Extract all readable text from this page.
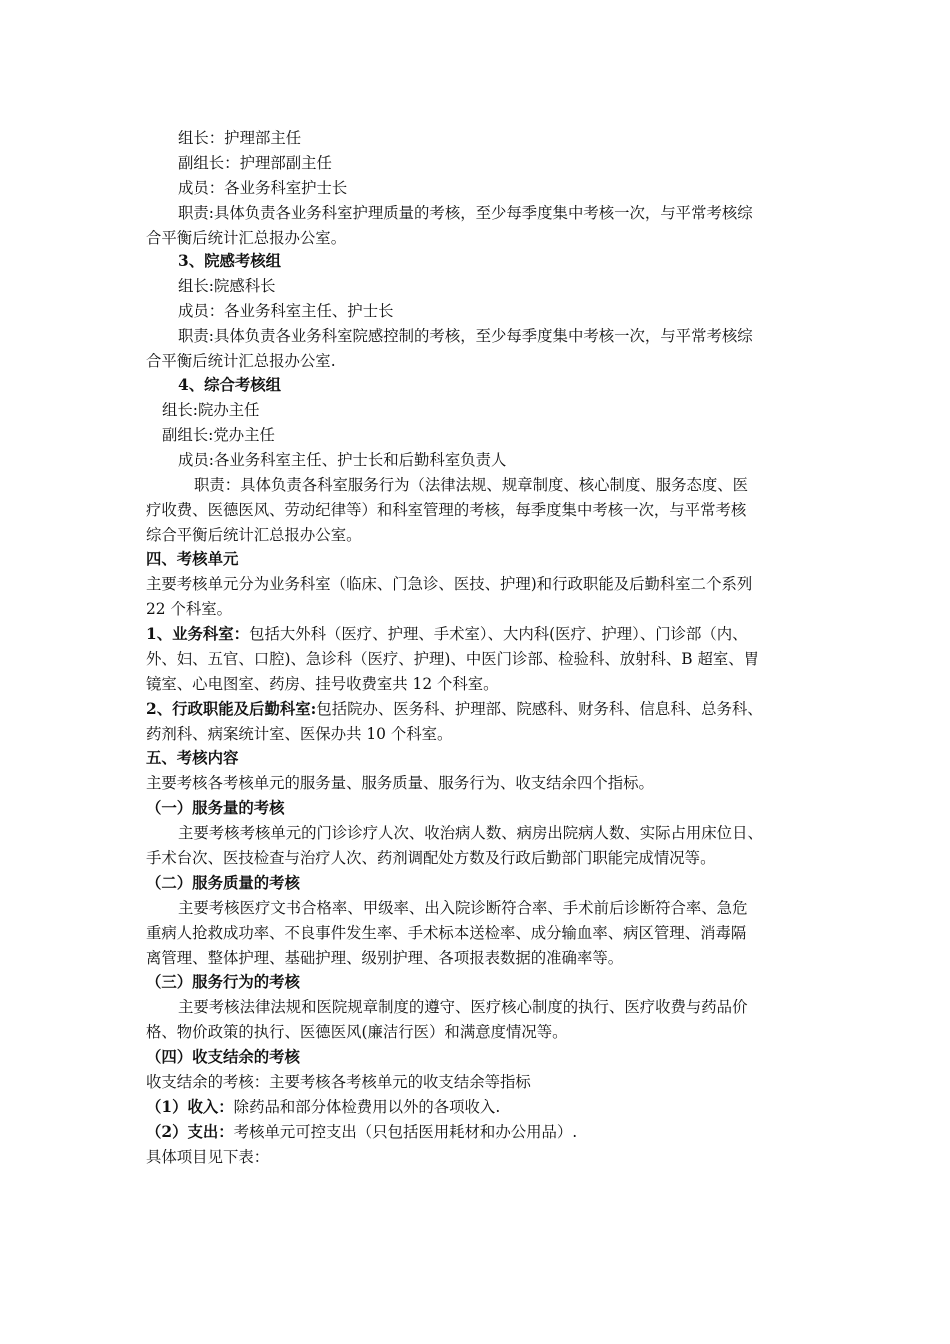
组长：护理部主任

副组长：护理部副主任

成员：各业务科室护士长

职责:具体负责各业务科室护理质量的考核，至少每季度集中考核一次，与平常考核综

合平衡后统计汇总报办公室。

3、院感考核组

组长:院感科长

成员：各业务科室主任、护士长

职责:具体负责各业务科室院感控制的考核，至少每季度集中考核一次，与平常考核综

合平衡后统计汇总报办公室.

4、综合考核组

组长:院办主任

副组长:党办主任

成员:各业务科室主任、护士长和后勤科室负责人

职责：具体负责各科室服务行为（法律法规、规章制度、核心制度、服务态度、医

疗收费、医德医风、劳动纪律等）和科室管理的考核，每季度集中考核一次，与平常考核

综合平衡后统计汇总报办公室。

四、考核单元

主要考核单元分为业务科室（临床、门急诊、医技、护理)和行政职能及后勤科室二个系列

22 个科室。

1、业务科室：包括大外科（医疗、护理、手术室）、大内科(医疗、护理）、门诊部（内、

外、妇、五官、口腔)、急诊科（医疗、护理)、中医门诊部、检验科、放射科、B 超室、胃

镜室、心电图室、药房、挂号收费室共 12 个科室。

2、行政职能及后勤科室:包括院办、医务科、护理部、院感科、财务科、信息科、总务科、

药剂科、病案统计室、医保办共 10 个科室。

五、考核内容

主要考核各考核单元的服务量、服务质量、服务行为、收支结余四个指标。

（一）服务量的考核

主要考核考核单元的门诊诊疗人次、收治病人数、病房出院病人数、实际占用床位日、

手术台次、医技检查与治疗人次、药剂调配处方数及行政后勤部门职能完成情况等。

（二）服务质量的考核

主要考核医疗文书合格率、甲级率、出入院诊断符合率、手术前后诊断符合率、急危

重病人抢救成功率、不良事件发生率、手术标本送检率、成分输血率、病区管理、消毒隔

离管理、整体护理、基础护理、级别护理、各项报表数据的准确率等。

（三）服务行为的考核

主要考核法律法规和医院规章制度的遵守、医疗核心制度的执行、医疗收费与药品价

格、物价政策的执行、医德医风(廉洁行医）和满意度情况等。

（四）收支结余的考核

收支结余的考核：主要考核各考核单元的收支结余等指标

（1）收入：除药品和部分体检费用以外的各项收入.

（2）支出：考核单元可控支出（只包括医用耗材和办公用品）.

具体项目见下表：
